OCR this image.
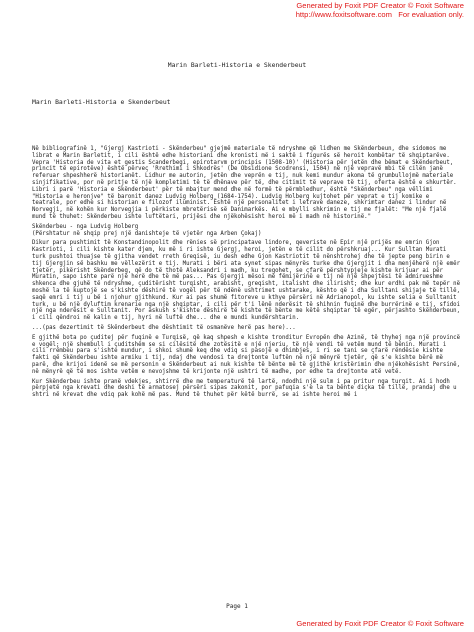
Generated by Foxit PDF Creator © Foxit Software
http://www.foxitsoftware.com For evaluation only.
Marin Barleti-Historia e Skenderbeut
Marin Barleti-Historia e Skenderbeut

Në bibliografinë 1, "Gjergj Kastrioti - Skënderbeu" gjejmë materiale të ndryshme që lidhen me Skënderbeun, dhe sidomos me librat e Marin Barletit, i cili është edhe historiani dhe kronisti më i saktë i figurës së heroit kombëtar të shqiptarëve. Vepra 'Historia de vita et gestis Scanderbegi, epirotarvm principis (1508-10)' (Historia për jetën dhe bëmat e Skënderbeut, princit të epirotëve) është përveç 'Rrethimi i Shkodrës' (De Obsidione Scodrensi, 1504) në një vepravë mbi të cilën janë referuar shpeshherë historianët. Lidhur me autorin, jetën dhe veprën e tij, nuk kemi mundur akoma të grumbullojmë materiale sinjifikative, por në pritje të një kompletimi të të dhënave për të, dhe citimit të veprave të tij, oferta është e shkurtër. Libri i parë 'Historia e Skënderbeut' për të mbajtur mend dhe në formë të përmbledhur, është "Skënderbeu" nga vëllimi "Historia e heronjve" të baronit danez Ludvig Holberg (1684-1754). Ludvig Holberg kujtohet për veprat e tij komike e teatrale, por edhe si historian e filozof iluminist. Është një personalitet i letrave daneze, shkrimtar danez i lindur në Norvegji, në kohën kur Norvegjia i përkiste mbretërisë së Danimarkës. Ai e mbylli shkrimin e tij me fjalët: "Me një fjalë mund të thuhet: Skënderbeu ishte luftëtari, prijësi dhe njëkohësisht heroi më i madh në historinë."

Skënderbeu - nga Ludvig Holberg
(Përshtatur në shqip prej një danishteje të vjetër nga Arben Çokaj)

Dikur para pushtimit të Konstandinopolit dhe rënies së principatave lindore, qeveriste në Epir një prijës me emrin Gjon Kastrioti, i cili kishte kater djem, ku më i ri ishte Gjergj, heroi, jetën e të cilit do përshkruaj... Kur Sulltan Murati turk pushtoi thuajse të gjitha vendet rreth Greqisë, iu desh edhe Gjon Kastriotit të nënshtrohej dhe të jepte peng birin e tij Gjergjin së bashku me vëllezërit e tij. Murati i bëri ata synet sipas mënyrës turke dhe Gjergjit i dha menjëherë një emër tjetër, pikërisht Skënderbeg, që do të thotë Aleksandri i madh, ku tregohet, se çfarë përshtypjeje kishte krijuar ai për Muratin, sapo ishte parë një herë dhe të më pas... Pas Gjergji mësoi më fëmijërinë e tij në një shpejtësi të admirueshme shkenca dhe gjuhë të ndryshme, çuditërisht turqisht, arabisht, greqisht, italisht dhe ilirisht; dhe kur erdhi pak më tepër në moshë la të kuptojë se s'kishte dëshirë të vogël për të ndënë ushtrimet ushtarake, kështo që i dha Sulltani shijaje të tillë, saqë emri i tij u bë i njohur gjithkund. Kur ai pas shumë fitoreve u kthye përsëri në Adrianopol, ku ishte selia e Sulltanit turk, u bë një dyluftim krenarie nga një shqiptar, i cili për t'i lënë nderësit të shihnin fuqinë dhe burrërinë e tij, sfidoi një nga nderësit e Sulltanit. Por askush s'kishte dëshirë të kishte të bënte me këtë shqiptar të egër, përjashto Skënderbeun, i cili qëndroi në kalin e tij, hyri në luftë dhe... dhe e mundi kundërshtarin.

...(pas dezertimit të Skënderbeut dhe dështimit të osmanëve herë pas here)...

E gjithë bota po çuditej për fuqinë e Turqisë, që kaq shpesh e kishte tronditur Evropën dhe Azinë, të thyhej nga një provincë e vogël; një shembull i çuditshëm se si cilësitë dhe zotësitë e një njeriu, të një vendi të vetëm mund të bënin. Murati i cili rrëmbeu para s'ishte mundur, i shkoi shumë keq dhe vdiq si pasojë e dhimbjes, i ri se tani se çfarë rëndësie kishte fakti që Skënderbeu ishte armiku i tij, ndaj dhe vendosi ta drejtonte luftën në një mënyrë tjetër, që s'e kishte bërë më parë, dhe krijoi idenë se më personin e Skënderbeut ai nuk kishte të bënte më të gjithë kristërimin dhe njëkohësisht Persinë, në mënyrë që të mos ishte vetëm e nevojshme të krijonte një ushtri të madhe, por edhe ta drejtonte atë vetë.

Kur Skënderbeu ishte pranë vdekjes, shtirrë dhe me temperaturë të lartë, ndodhi një sulm i pa pritur nga turqit. Ai i hodh përpjetë nga krevati dhe deshi të armatosej përsëri sipas zakonit, por pafuqia s'e la ta bënte diçka të tillë, prandaj dhe u shtri në krevat dhe vdiq pak kohë më pas. Mund të thuhet për këtë burrë, se ai ishte heroi më i

Page 1
Generated by Foxit PDF Creator © Foxit Software
